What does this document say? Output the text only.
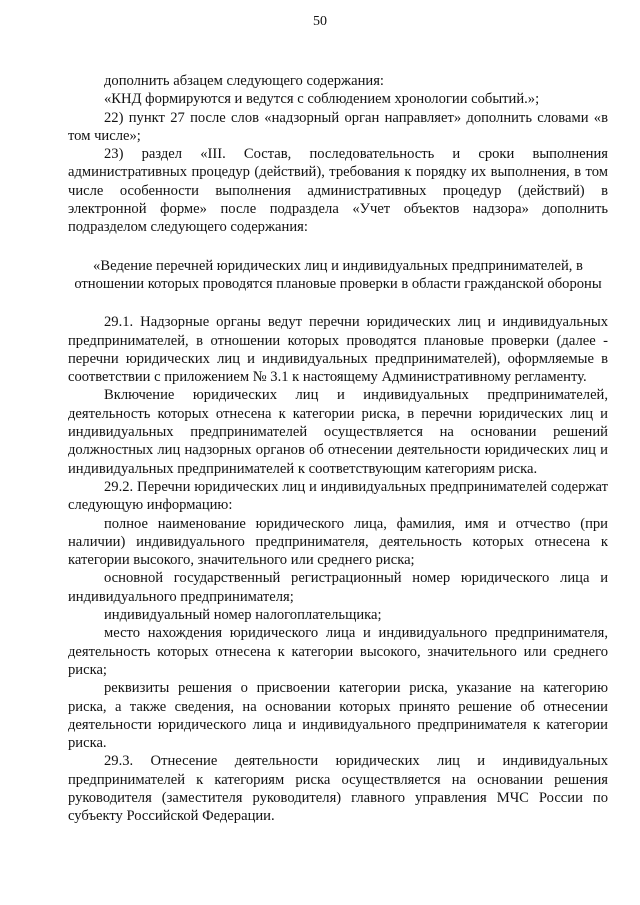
50

дополнить абзацем следующего содержания:

«КНД формируются и ведутся с соблюдением хронологии событий.»;

22) пункт 27 после слов «надзорный орган направляет» дополнить словами «в том числе»;

23) раздел «III. Состав, последовательность и сроки выполнения административных процедур (действий), требования к порядку их выполнения, в том числе особенности выполнения административных процедур (действий) в электронной форме» после подраздела «Учет объектов надзора» дополнить подразделом следующего содержания:

«Ведение перечней юридических лиц и индивидуальных предпринимателей, в отношении которых проводятся плановые проверки в области гражданской обороны

29.1. Надзорные органы ведут перечни юридических лиц и индивидуальных предпринимателей, в отношении которых проводятся плановые проверки (далее - перечни юридических лиц и индивидуальных предпринимателей), оформляемые в соответствии с приложением № 3.1 к настоящему Административному регламенту.

Включение юридических лиц и индивидуальных предпринимателей, деятельность которых отнесена к категории риска, в перечни юридических лиц и индивидуальных предпринимателей осуществляется на основании решений должностных лиц надзорных органов об отнесении деятельности юридических лиц и индивидуальных предпринимателей к соответствующим категориям риска.

29.2. Перечни юридических лиц и индивидуальных предпринимателей содержат следующую информацию:

полное наименование юридического лица, фамилия, имя и отчество (при наличии) индивидуального предпринимателя, деятельность которых отнесена к категории высокого, значительного или среднего риска;

основной государственный регистрационный номер юридического лица и индивидуального предпринимателя;

индивидуальный номер налогоплательщика;

место нахождения юридического лица и индивидуального предпринимателя, деятельность которых отнесена к категории высокого, значительного или среднего риска;

реквизиты решения о присвоении категории риска, указание на категорию риска, а также сведения, на основании которых принято решение об отнесении деятельности юридического лица и индивидуального предпринимателя к категории риска.

29.3. Отнесение деятельности юридических лиц и индивидуальных предпринимателей к категориям риска осуществляется на основании решения руководителя (заместителя руководителя) главного управления МЧС России по субъекту Российской Федерации.
